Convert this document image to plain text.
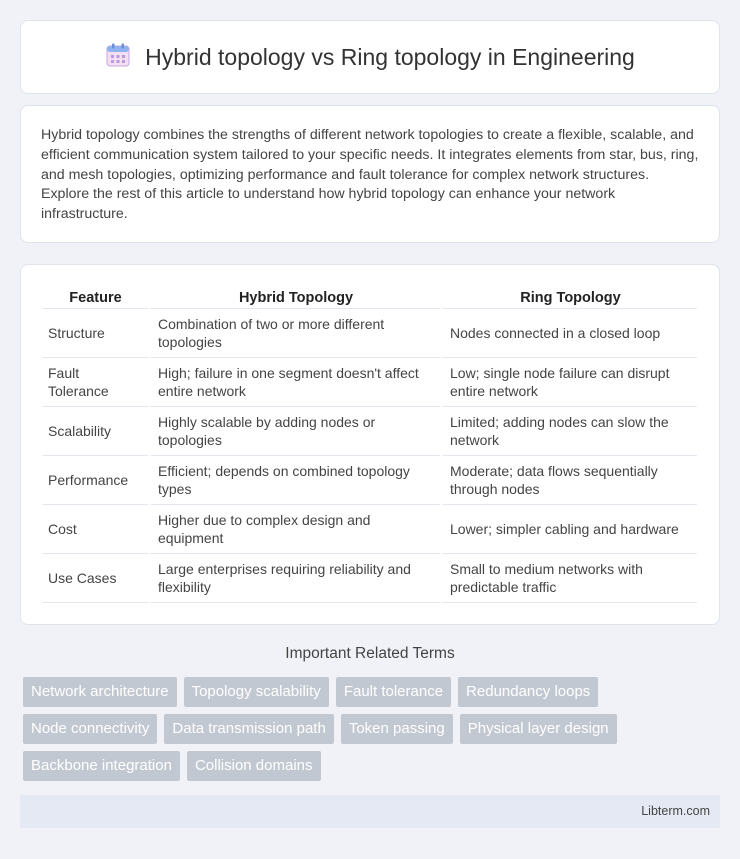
Hybrid topology vs Ring topology in Engineering

Hybrid topology combines the strengths of different network topologies to create a flexible, scalable, and efficient communication system tailored to your specific needs. It integrates elements from star, bus, ring, and mesh topologies, optimizing performance and fault tolerance for complex network structures. Explore the rest of this article to understand how hybrid topology can enhance your network infrastructure.

Feature	Hybrid Topology	Ring Topology
Structure	Combination of two or more different topologies	Nodes connected in a closed loop
Fault Tolerance	High; failure in one segment doesn't affect entire network	Low; single node failure can disrupt entire network
Scalability	Highly scalable by adding nodes or topologies	Limited; adding nodes can slow the network
Performance	Efficient; depends on combined topology types	Moderate; data flows sequentially through nodes
Cost	Higher due to complex design and equipment	Lower; simpler cabling and hardware
Use Cases	Large enterprises requiring reliability and flexibility	Small to medium networks with predictable traffic
Important Related Terms
Network architecture	Topology scalability	Fault tolerance	Redundancy loops
Node connectivity	Data transmission path	Token passing	Physical layer design
Backbone integration	Collision domains
Libterm.com
